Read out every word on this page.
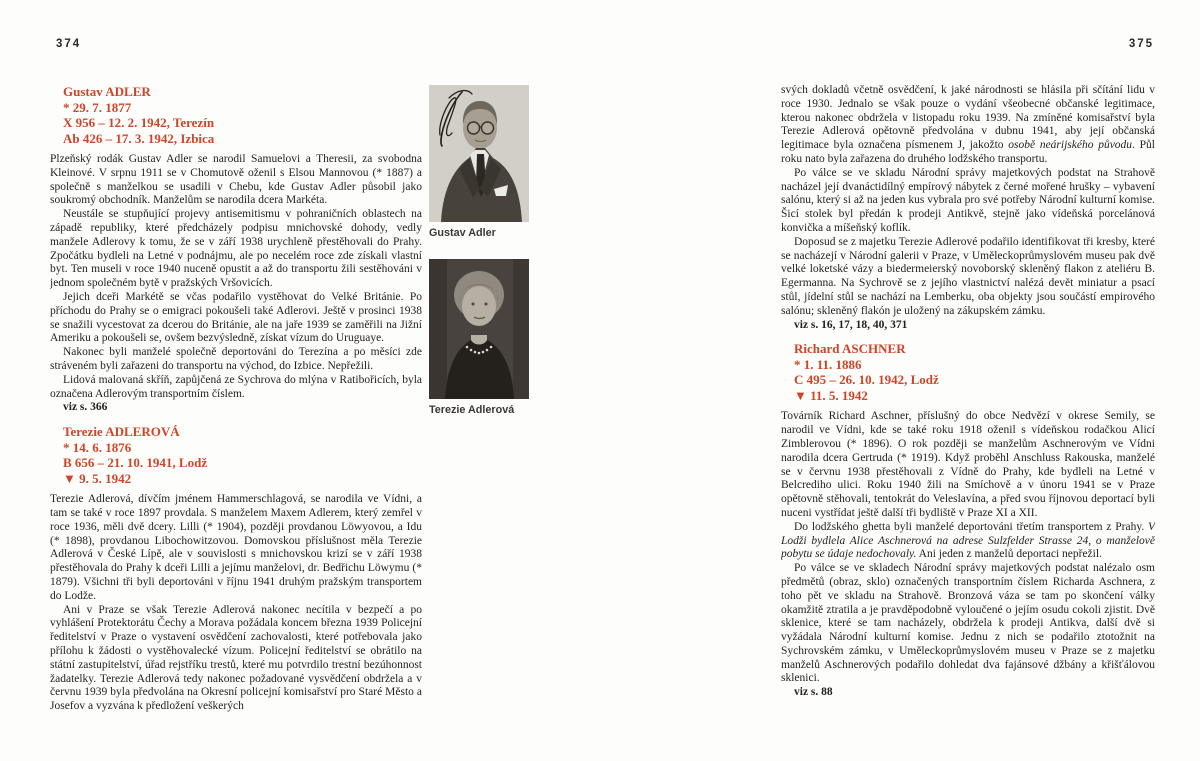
374	375
Gustav ADLER
* 29. 7. 1877
X 956 – 12. 2. 1942, Terezín
Ab 426 – 17. 3. 1942, Izbica

Plzeňský rodák Gustav Adler se narodil Samuelovi a Theresii, za svobodna Kleinové. V srpnu 1911 se v Chomutově oženil s Elsou Mannovou (* 1887) a společně s manželkou se usadili v Chebu, kde Gustav Adler působil jako soukromý obchodník. Manželům se narodila dcera Markéta.

Neustále se stupňující projevy antisemitismu v pohraničních oblastech na západě republiky, které předcházely podpisu mnichovské dohody, vedly manžele Adlerovy k tomu, že se v září 1938 urychleně přestěhovali do Prahy. Zpočátku bydleli na Letné v podnájmu, ale po necelém roce zde získali vlastní byt. Ten museli v roce 1940 nuceně opustit a až do transportu žili sestěhováni v jednom společném bytě v pražských Vršovicích.

Jejich dceři Markétě se včas podařilo vystěhovat do Velké Británie. Po příchodu do Prahy se o emigraci pokoušeli také Adlerovi. Ještě v prosinci 1938 se snažili vycestovat za dcerou do Británie, ale na jaře 1939 se zaměřili na Jižní Ameriku a pokoušeli se, ovšem bezvýsledně, získat vízum do Uruguaye.

Nakonec byli manželé společně deportováni do Terezína a po měsíci zde stráveném byli zařazeni do transportu na východ, do Izbice. Nepřežili.

Lidová malovaná skříň, zapůjčená ze Sychrova do mlýna v Ratibořicích, byla označena Adlerovým transportním číslem.

viz s. 366
Terezie ADLEROVÁ
* 14. 6. 1876
B 656 – 21. 10. 1941, Lodž
▼ 9. 5. 1942

Terezie Adlerová, dívčím jménem Hammerschlagová, se narodila ve Vídni, a tam se také v roce 1897 provdala. S manželem Maxem Adlerem, který zemřel v roce 1936, měli dvě dcery. Lilli (* 1904), později provdanou Löwyovou, a Idu (* 1898), provdanou Libochowitzovou. Domovskou příslušnost měla Terezie Adlerová v České Lípě, ale v souvislosti s mnichovskou krizí se v září 1938 přestěhovala do Prahy k dceři Lilli a jejímu manželovi, dr. Bedřichu Löwymu (* 1879). Všichni tři byli deportováni v říjnu 1941 druhým pražským transportem do Lodže.

Ani v Praze se však Terezie Adlerová nakonec necítila v bezpečí a po vyhlášení Protektorátu Čechy a Morava požádala koncem března 1939 Policejní ředitelství v Praze o vystavení osvědčení zachovalosti, které potřebovala jako přílohu k žádosti o vystěhovalecké vízum. Policejní ředitelství se obrátilo na státní zastupitelství, úřad rejstříku trestů, které mu potvrdilo trestní bezúhonnost žadatelky. Terezie Adlerová tedy nakonec požadované vysvědčení obdržela a v červnu 1939 byla předvolána na Okresní policejní komisařství pro Staré Město a Josefov a vyzvána k předložení veškerých

Gustav Adler
Terezie Adlerová

svých dokladů včetně osvědčení, k jaké národnosti se hlásila při sčítání lidu v roce 1930. Jednalo se však pouze o vydání všeobecné občanské legitimace, kterou nakonec obdržela v listopadu roku 1939. Na zmíněné komisařství byla Terezie Adlerová opětovně předvolána v dubnu 1941, aby její občanská legitimace byla označena písmenem J, jakožto osobě neárijského původu. Půl roku nato byla zařazena do druhého lodžského transportu.

Po válce se ve skladu Národní správy majetkových podstat na Strahově nacházel její dvanáctidílný empírový nábytek z černé mořené hrušky – vybavení salónu, který si až na jeden kus vybrala pro své potřeby Národní kulturní komise. Šicí stolek byl předán k prodeji Antikvě, stejně jako vídeňská porcelánová konvička a míšeňský koflík.

Doposud se z majetku Terezie Adlerové podařilo identifikovat tři kresby, které se nacházejí v Národní galerii v Praze, v Uměleckoprůmyslovém museu pak dvě velké loketské vázy a biedermeierský novoborský skleněný flakon z ateliéru B. Egermanna. Na Sychrově se z jejího vlastnictví nalézá devět miniatur a psací stůl, jídelní stůl se nachází na Lemberku, oba objekty jsou součástí empirového salónu; skleněný flakón je uložený na zákupském zámku.

viz s. 16, 17, 18, 40, 371
Richard ASCHNER
* 1. 11. 1886
C 495 – 26. 10. 1942, Lodž
▼ 11. 5. 1942

Továrník Richard Aschner, příslušný do obce Nedvězí v okrese Semily, se narodil ve Vídni, kde se také roku 1918 oženil s vídeňskou rodačkou Alicí Zimblerovou (* 1896). O rok později se manželům Aschnerovým ve Vídni narodila dcera Gertruda (* 1919). Když proběhl Anschluss Rakouska, manželé se v červnu 1938 přestěhovali z Vídně do Prahy, kde bydleli na Letné v Belcrediho ulici. Roku 1940 žili na Smíchově a v únoru 1941 se v Praze opětovně stěhovali, tentokrát do Veleslavína, a před svou říjnovou deportací byli nuceni vystřídat ještě další tři bydliště v Praze XI a XII.

Do lodžského ghetta byli manželé deportováni třetím transportem z Prahy. V Lodži bydlela Alice Aschnerová na adrese Sulzfelder Strasse 24, o manželově pobytu se údaje nedochovaly. Ani jeden z manželů deportaci nepřežil.

Po válce se ve skladech Národní správy majetkových podstat nalézalo osm předmětů (obraz, sklo) označených transportním číslem Richarda Aschnera, z toho pět ve skladu na Strahově. Bronzová váza se tam po skončení války okamžitě ztratila a je pravděpodobně vyloučené o jejím osudu cokoli zjistit. Dvě sklenice, které se tam nacházely, obdržela k prodeji Antikva, další dvě si vyžádala Národní kulturní komise. Jednu z nich se podařilo ztotožnit na Sychrovském zámku, v Uměleckoprůmyslovém museu v Praze se z majetku manželů Aschnerových podařilo dohledat dva fajánsové džbány a křišťálovou sklenici.

viz s. 88
